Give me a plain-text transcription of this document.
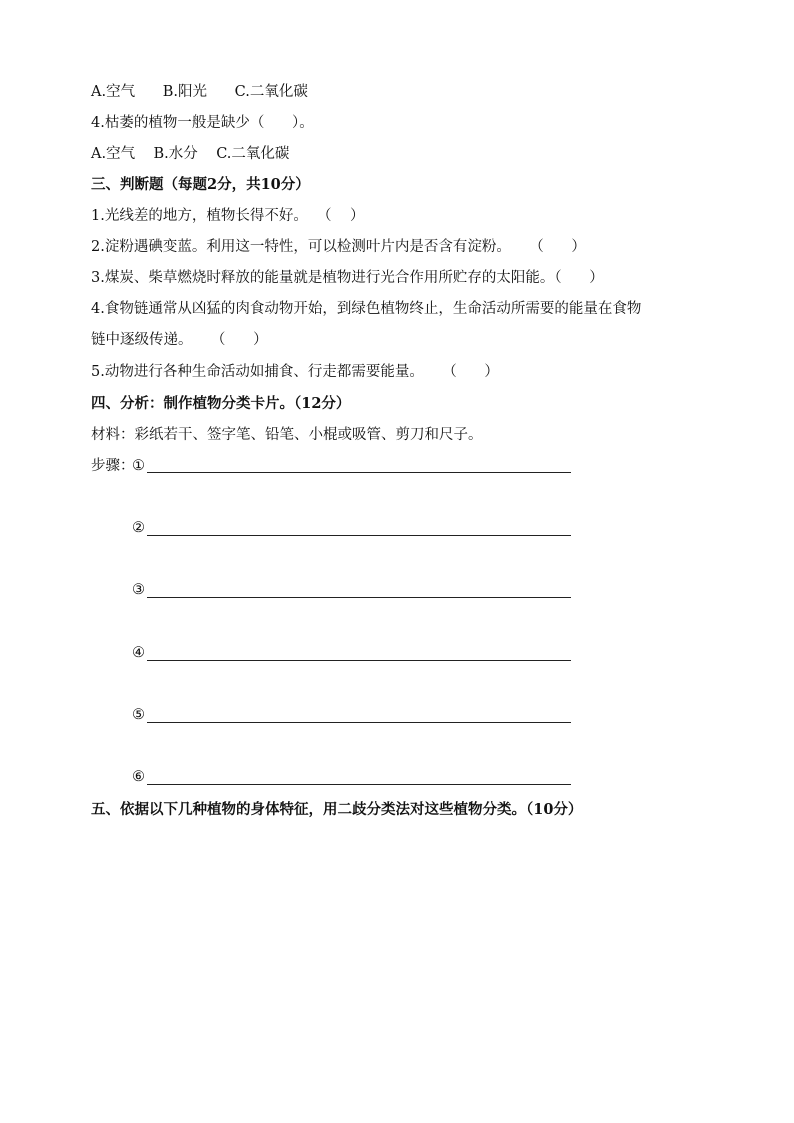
A.空气      B.阳光      C.二氧化碳
4.枯萎的植物一般是缺少（      ）。
A.空气    B.水分    C.二氧化碳
三、判断题（每题2分，共10分）
1.光线差的地方，植物长得不好。  （    ）
2.淀粉遇碘变蓝。利用这一特性，可以检测叶片内是否含有淀粉。    （      ）
3.煤炭、柴草燃烧时释放的能量就是植物进行光合作用所贮存的太阳能。（      ）
4.食物链通常从凶猛的肉食动物开始，到绿色植物终止，生命活动所需要的能量在食物
链中逐级传递。    （      ）
5.动物进行各种生命活动如捕食、行走都需要能量。    （      ）
四、分析：制作植物分类卡片。（12分）
材料：彩纸若干、签字笔、铅笔、小棍或吸管、剪刀和尺子。
步骤：
①
②
③
④
⑤
⑥
五、依据以下几种植物的身体特征，用二歧分类法对这些植物分类。（10分）
